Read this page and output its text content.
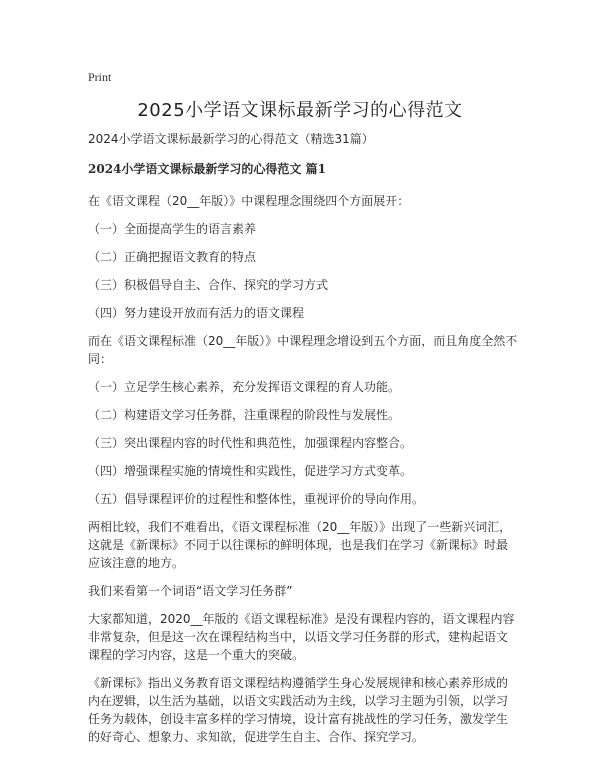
Print
2025小学语文课标最新学习的心得范文
2024小学语文课标最新学习的心得范文（精选31篇）
2024小学语文课标最新学习的心得范文 篇1
在《语文课程（20__年版）》中课程理念围绕四个方面展开：
（一）全面提高学生的语言素养
（二）正确把握语文教育的特点
（三）积极倡导自主、合作、探究的学习方式
（四）努力建设开放而有活力的语文课程
而在《语文课程标准（20__年版）》中课程理念增设到五个方面，而且角度全然不同：
（一）立足学生核心素养，充分发挥语文课程的育人功能。
（二）构建语文学习任务群，注重课程的阶段性与发展性。
（三）突出课程内容的时代性和典范性，加强课程内容整合。
（四）增强课程实施的情境性和实践性，促进学习方式变革。
（五）倡导课程评价的过程性和整体性，重视评价的导向作用。
两相比较，我们不难看出，《语文课程标准（20__年版）》出现了一些新兴词汇，这就是《新课标》不同于以往课标的鲜明体现，也是我们在学习《新课标》时最应该注意的地方。
我们来看第一个词语“语文学习任务群”
大家都知道，2020__年版的《语文课程标准》是没有课程内容的，语文课程内容非常复杂，但是这一次在课程结构当中，以语文学习任务群的形式，建构起语文课程的学习内容，这是一个重大的突破。
《新课标》指出义务教育语文课程结构遵循学生身心发展规律和核心素养形成的内在逻辑，以生活为基础，以语文实践活动为主线，以学习主题为引领，以学习任务为载体，创设丰富多样的学习情境，设计富有挑战性的学习任务，激发学生的好奇心、想象力、求知欲，促进学生自主、合作、探究学习。
